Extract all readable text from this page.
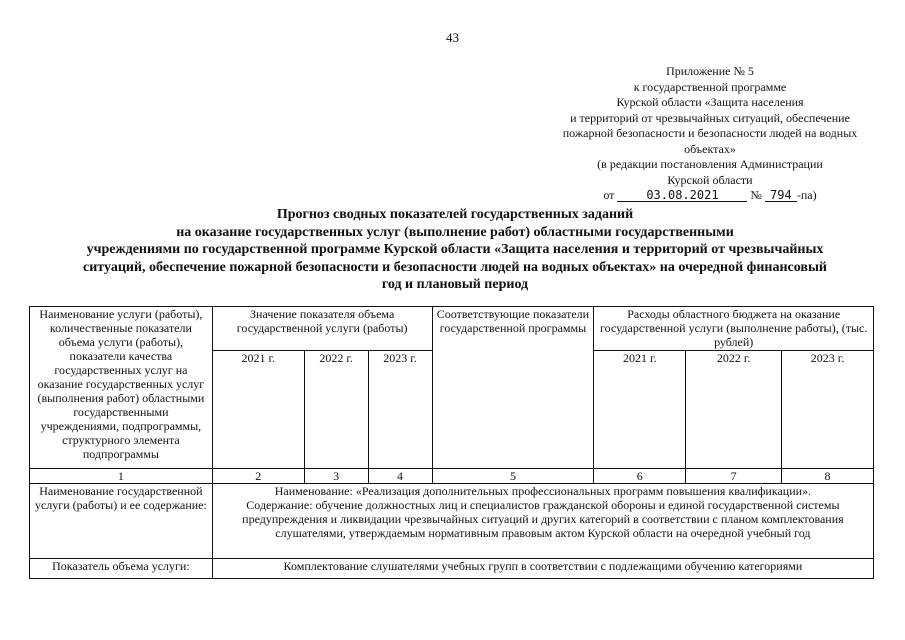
43
Приложение № 5
к государственной программе
Курской области «Защита населения
и территорий от чрезвычайных ситуаций, обеспечение
пожарной безопасности и безопасности людей на водных
объектах»
(в редакции постановления Администрации
Курской области
от	03.08.2021	№ 794 -па)
Прогноз сводных показателей государственных заданий
на оказание государственных услуг (выполнение работ) областными государственными
учреждениями по государственной программе Курской области «Защита населения и территорий от чрезвычайных
ситуаций, обеспечение пожарной безопасности и безопасности людей на водных объектах» на очередной финансовый
год и плановый период
Наименование услуги (работы), количественные показатели объема услуги (работы), показатели качества государственных услуг на оказание государственных услуг (выполнения работ) областными государственными учреждениями, подпрограммы, структурного элемента подпрограммы	Значение показателя объема государственной услуги (работы)			Соответствующие показатели государственной программы	Расходы областного бюджета на оказание государственной услуги (выполнение работы), (тыс. рублей)		
	2021 г.	2022 г.	2023 г.		2021 г.	2022 г.	2023 г.
1	2	3	4	5	6	7	8
Наименование государственной услуги (работы) и ее содержание:	Наименование: «Реализация дополнительных профессиональных программ повышения квалификации».
Содержание: обучение должностных лиц и специалистов гражданской обороны и единой государственной системы предупреждения и ликвидации чрезвычайных ситуаций и других категорий в соответствии с планом комплектования слушателями, утверждаемым нормативным правовым актом Курской области на очередной учебный год						

Показатель объема услуги:	Комплектование слушателями учебных групп в соответствии с подлежащими обучению категориями						
